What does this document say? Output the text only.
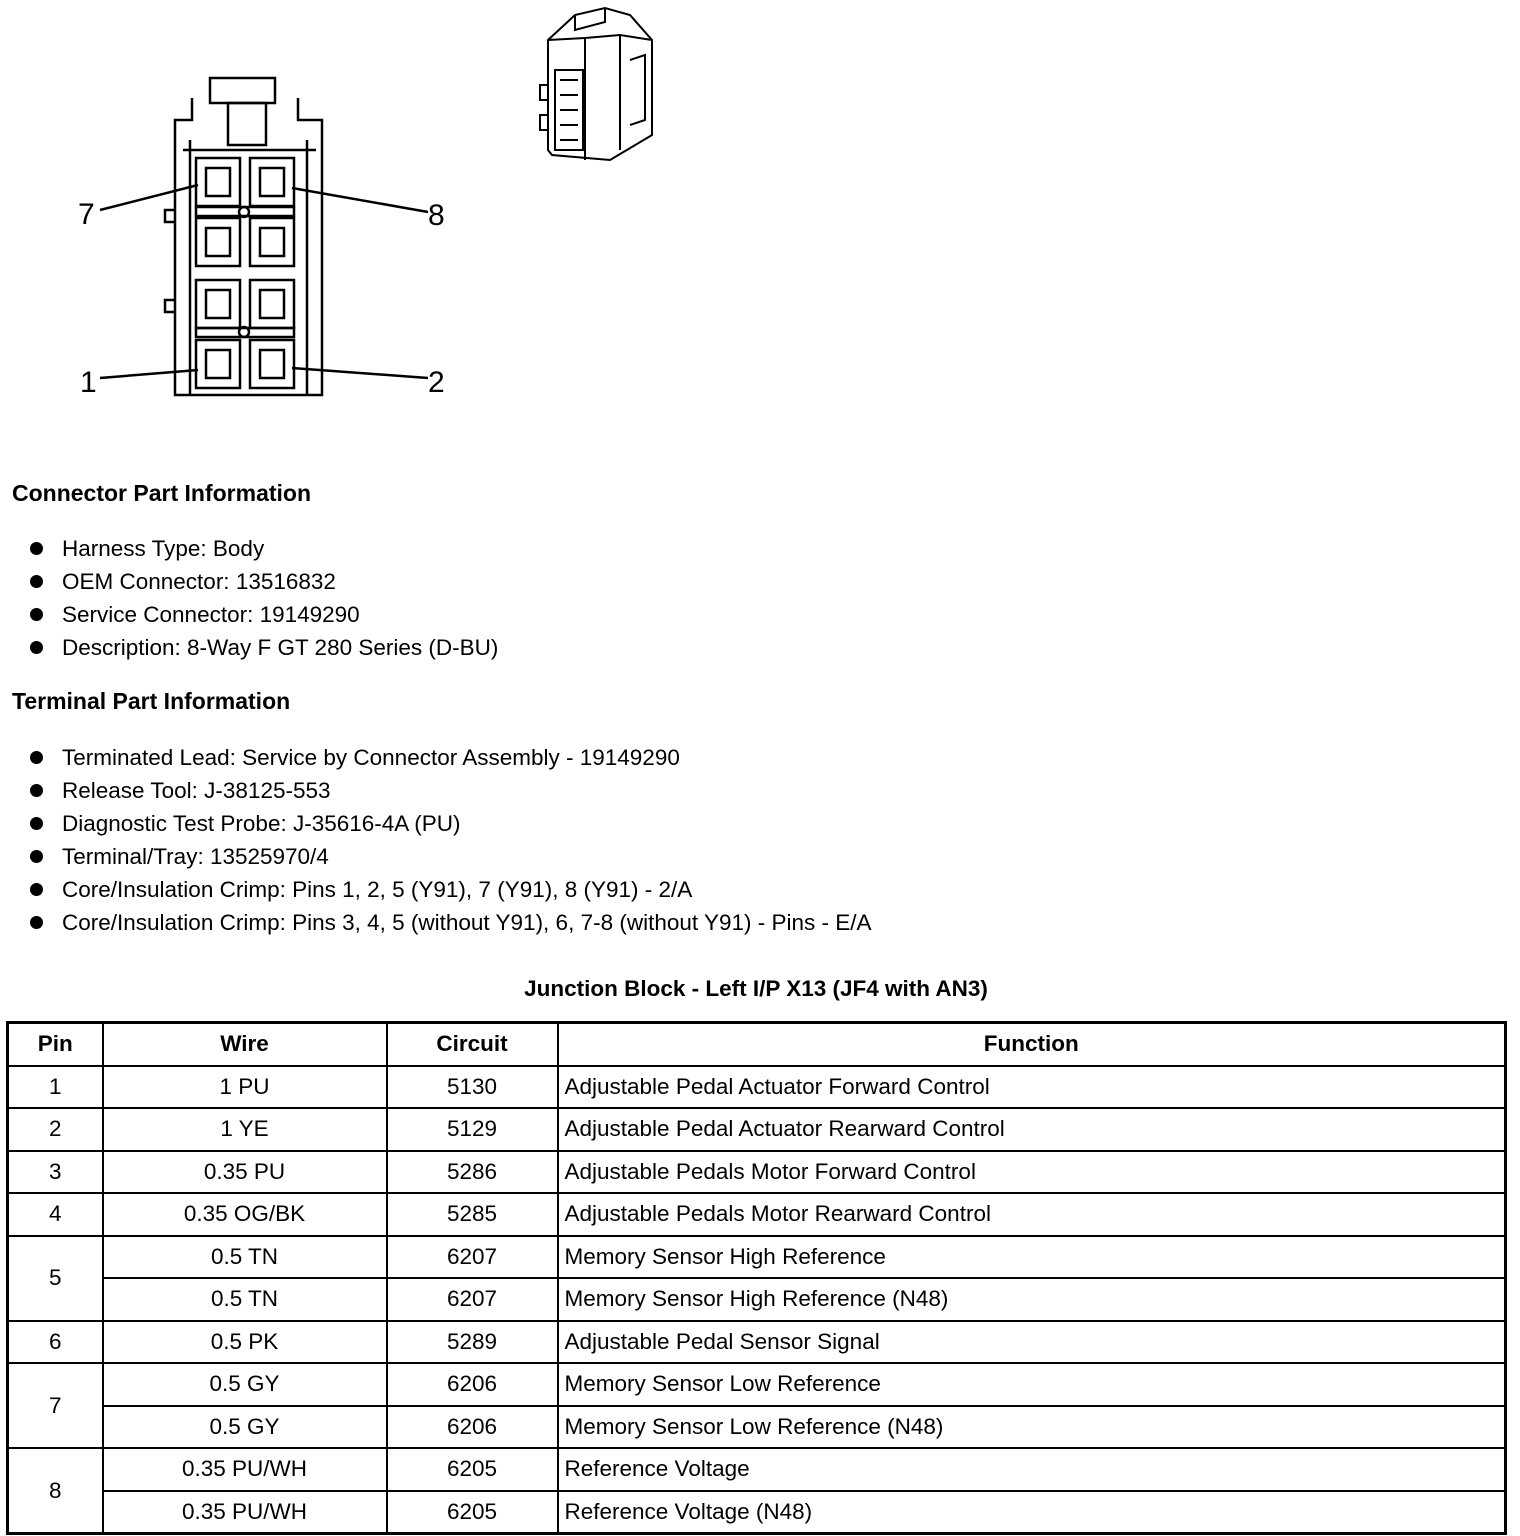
7	8
1	2
Connector Part Information
Harness Type: Body
OEM Connector: 13516832
Service Connector: 19149290
Description: 8-Way F GT 280 Series (D-BU)
Terminal Part Information
Terminated Lead: Service by Connector Assembly - 19149290
Release Tool: J-38125-553
Diagnostic Test Probe: J-35616-4A (PU)
Terminal/Tray: 13525970/4
Core/Insulation Crimp: Pins 1, 2, 5 (Y91), 7 (Y91), 8 (Y91) - 2/A
Core/Insulation Crimp: Pins 3, 4, 5 (without Y91), 6, 7-8 (without Y91) - Pins - E/A
Junction Block - Left I/P X13 (JF4 with AN3)
Pin	Wire	Circuit	Function
1	1 PU	5130	Adjustable Pedal Actuator Forward Control
2	1 YE	5129	Adjustable Pedal Actuator Rearward Control
3	0.35 PU	5286	Adjustable Pedals Motor Forward Control
4	0.35 OG/BK	5285	Adjustable Pedals Motor Rearward Control
5	0.5 TN	6207	Memory Sensor High Reference
	0.5 TN	6207	Memory Sensor High Reference (N48)
6	0.5 PK	5289	Adjustable Pedal Sensor Signal
7	0.5 GY	6206	Memory Sensor Low Reference
	0.5 GY	6206	Memory Sensor Low Reference (N48)
8	0.35 PU/WH	6205	Reference Voltage
	0.35 PU/WH	6205	Reference Voltage (N48)
